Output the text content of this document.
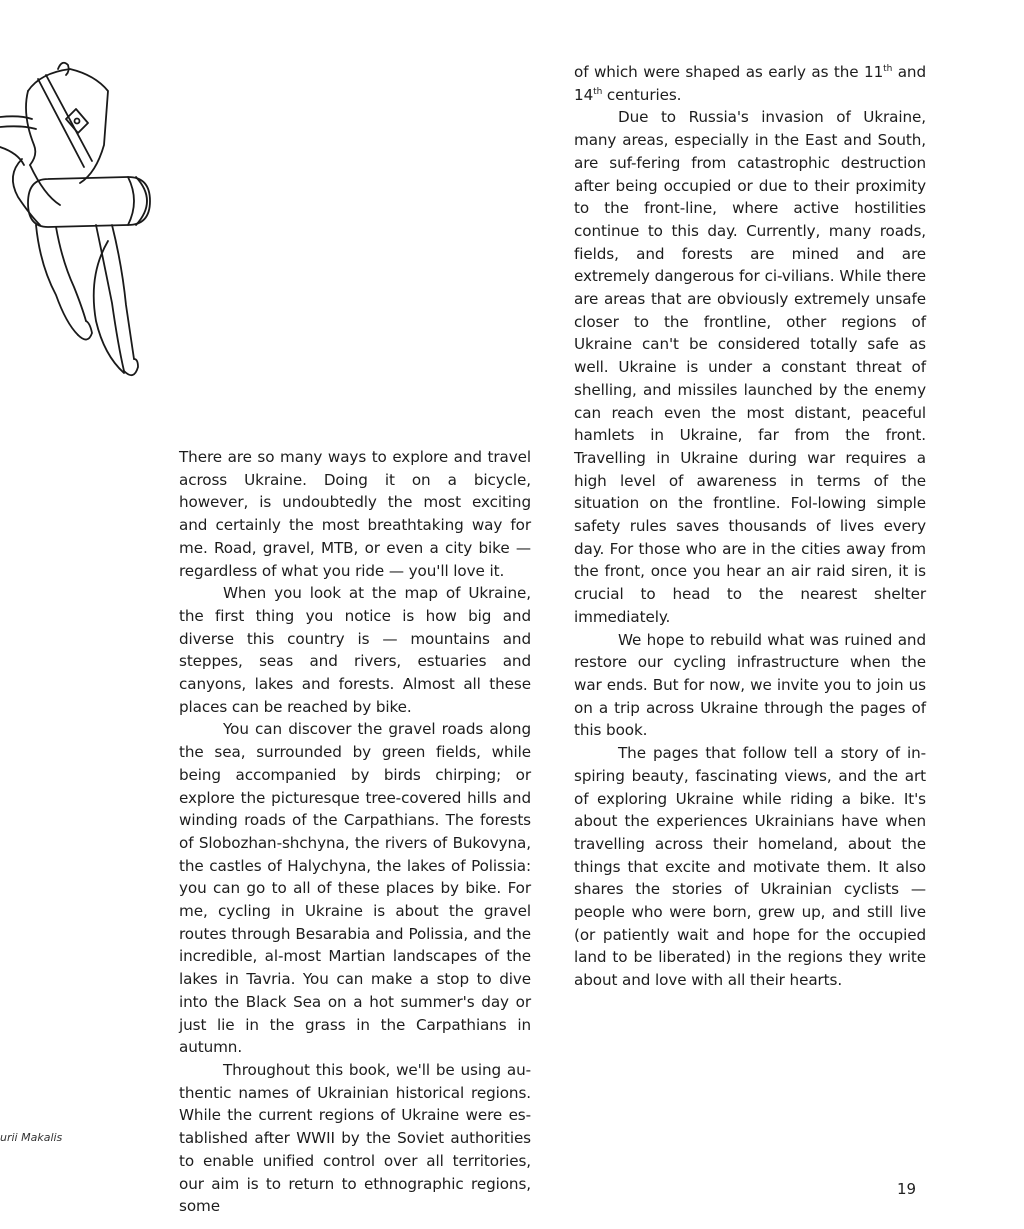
There are so many ways to explore and travel across Ukraine. Doing it on a bicycle, however, is undoubtedly the most exciting and certainly the most breathtaking way for me. Road, gravel, MTB, or even a city bike — regardless of what you ride — you'll love it.

When you look at the map of Ukraine, the first thing you notice is how big and diverse this country is — mountains and steppes, seas and rivers, estuaries and canyons, lakes and forests. Almost all these places can be reached by bike.

You can discover the gravel roads along the sea, surrounded by green fields, while being accompanied by birds chirping; or explore the picturesque tree-covered hills and winding roads of the Carpathians. The forests of Slobozhan-shchyna, the rivers of Bukovyna, the castles of Halychyna, the lakes of Polissia: you can go to all of these places by bike. For me, cycling in Ukraine is about the gravel routes through Besarabia and Polissia, and the incredible, al-most Martian landscapes of the lakes in Tavria. You can make a stop to dive into the Black Sea on a hot summer's day or just lie in the grass in the Carpathians in autumn.

Throughout this book, we'll be using au-thentic names of Ukrainian historical regions. While the current regions of Ukraine were es-tablished after WWII by the Soviet authorities to enable unified control over all territories, our aim is to return to ethnographic regions, some

of which were shaped as early as the 11th and 14th centuries.

Due to Russia's invasion of Ukraine, many areas, especially in the East and South, are suf-fering from catastrophic destruction after being occupied or due to their proximity to the front-line, where active hostilities continue to this day. Currently, many roads, fields, and forests are mined and are extremely dangerous for ci-vilians. While there are areas that are obviously extremely unsafe closer to the frontline, other regions of Ukraine can't be considered totally safe as well. Ukraine is under a constant threat of shelling, and missiles launched by the enemy can reach even the most distant, peaceful hamlets in Ukraine, far from the front. Travelling in Ukraine during war requires a high level of awareness in terms of the situation on the frontline. Fol-lowing simple safety rules saves thousands of lives every day. For those who are in the cities away from the front, once you hear an air raid siren, it is crucial to head to the nearest shelter immediately.

We hope to rebuild what was ruined and restore our cycling infrastructure when the war ends. But for now, we invite you to join us on a trip across Ukraine through the pages of this book.

The pages that follow tell a story of in-spiring beauty, fascinating views, and the art of exploring Ukraine while riding a bike. It's about the experiences Ukrainians have when travelling across their homeland, about the things that excite and motivate them. It also shares the stories of Ukrainian cyclists — people who were born, grew up, and still live (or patiently wait and hope for the occupied land to be liberated) in the regions they write about and love with all their hearts.

urii Makalis
19
